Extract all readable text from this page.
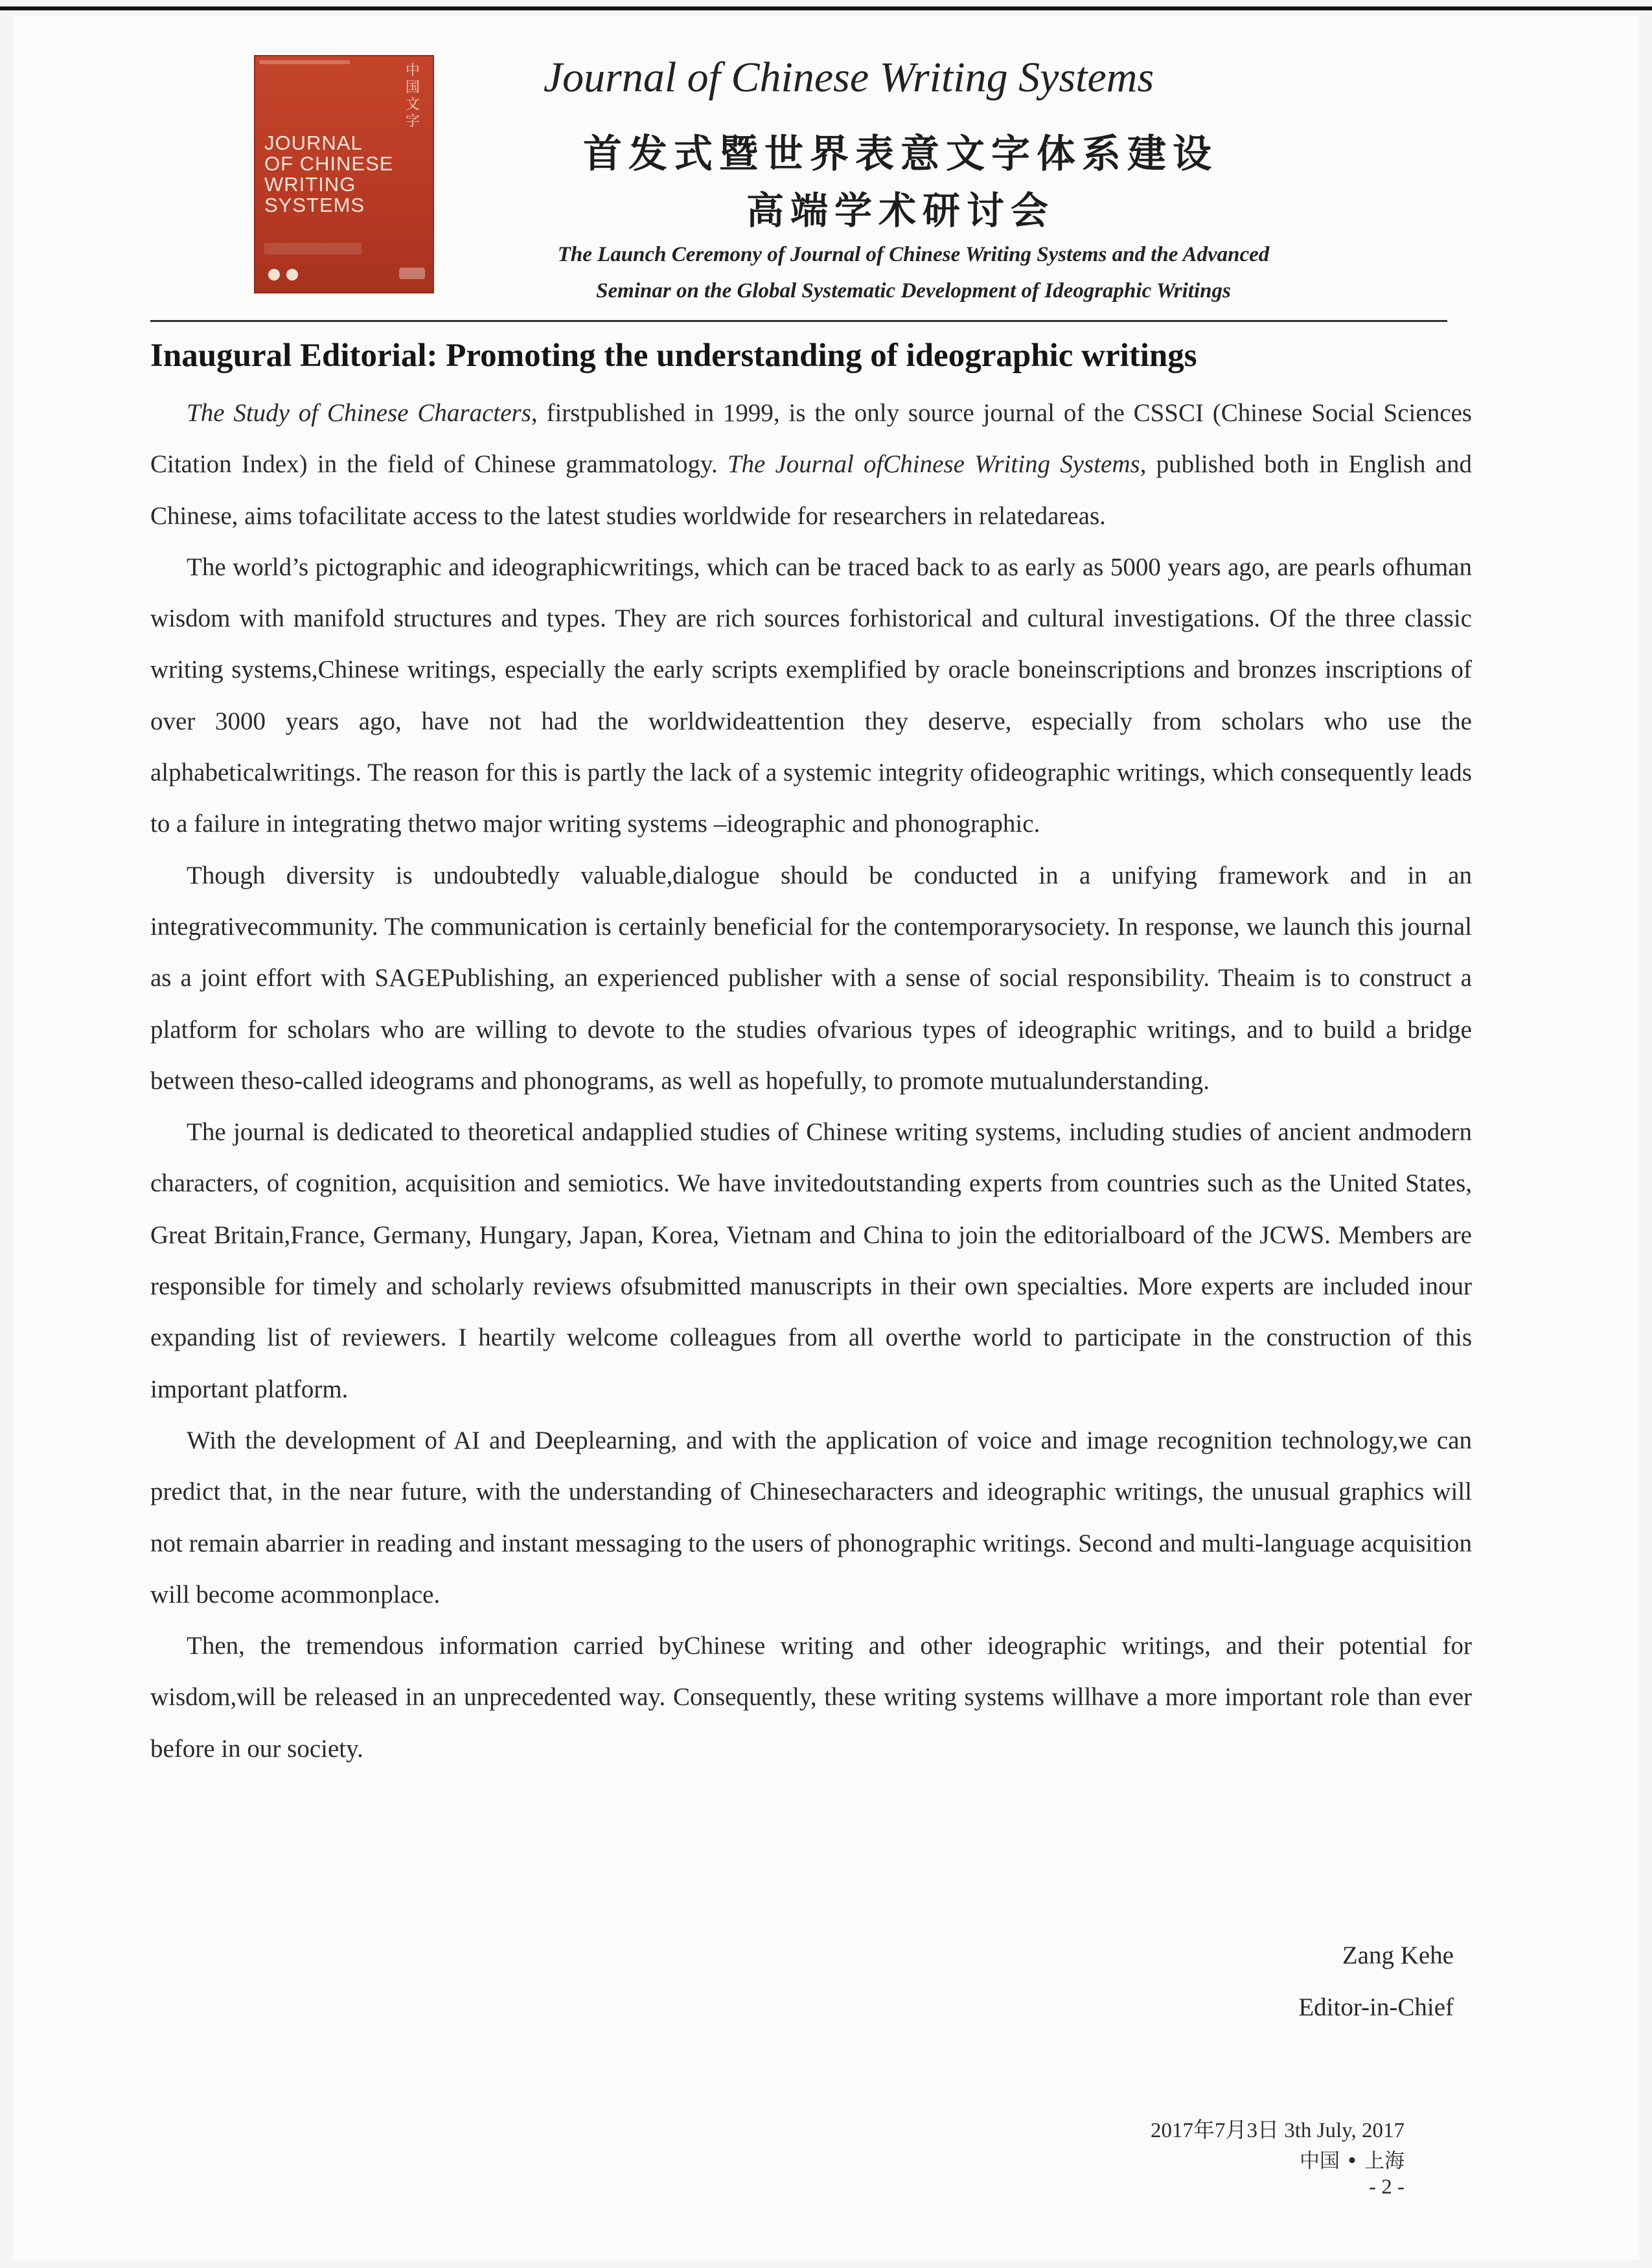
中国文字
JOURNAL
OF CHINESE
WRITING
SYSTEMS
Journal of Chinese Writing Systems
首发式暨世界表意文字体系建设
高端学术研讨会
The Launch Ceremony of Journal of Chinese Writing Systems and the Advanced
Seminar on the Global Systematic Development of Ideographic Writings
Inaugural Editorial: Promoting the understanding of ideographic writings

The Study of Chinese Characters, firstpublished in 1999, is the only source journal of the CSSCI (Chinese Social Sciences Citation Index) in the field of Chinese grammatology. The Journal ofChinese Writing Systems, published both in English and Chinese, aims tofacilitate access to the latest studies worldwide for researchers in relatedareas.

The world’s pictographic and ideographicwritings, which can be traced back to as early as 5000 years ago, are pearls ofhuman wisdom with manifold structures and types. They are rich sources forhistorical and cultural investigations. Of the three classic writing systems,Chinese writings, especially the early scripts exemplified by oracle boneinscriptions and bronzes inscriptions of over 3000 years ago, have not had the worldwideattention they deserve, especially from scholars who use the alphabeticalwritings. The reason for this is partly the lack of a systemic integrity ofideographic writings, which consequently leads to a failure in integrating thetwo major writing systems –ideographic and phonographic.

Though diversity is undoubtedly valuable,dialogue should be conducted in a unifying framework and in an integrativecommunity. The communication is certainly beneficial for the contemporarysociety. In response, we launch this journal as a joint effort with SAGEPublishing, an experienced publisher with a sense of social responsibility. Theaim is to construct a platform for scholars who are willing to devote to the studies ofvarious types of ideographic writings, and to build a bridge between theso-called ideograms and phonograms, as well as hopefully, to promote mutualunderstanding.

The journal is dedicated to theoretical andapplied studies of Chinese writing systems, including studies of ancient andmodern characters, of cognition, acquisition and semiotics. We have invitedoutstanding experts from countries such as the United States, Great Britain,France, Germany, Hungary, Japan, Korea, Vietnam and China to join the editorialboard of the JCWS. Members are responsible for timely and scholarly reviews ofsubmitted manuscripts in their own specialties. More experts are included inour expanding list of reviewers. I heartily welcome colleagues from all overthe world to participate in the construction of this important platform.

With the development of AI and Deeplearning, and with the application of voice and image recognition technology,we can predict that, in the near future, with the understanding of Chinesecharacters and ideographic writings, the unusual graphics will not remain abarrier in reading and instant messaging to the users of phonographic writings. Second and multi-language acquisition will become acommonplace.

Then, the tremendous information carried byChinese writing and other ideographic writings, and their potential for wisdom,will be released in an unprecedented way. Consequently, these writing systems willhave a more important role than ever before in our society.

Zang Kehe
Editor-in-Chief
2017年7月3日 3th July, 2017
中国 • 上海
- 2 -
